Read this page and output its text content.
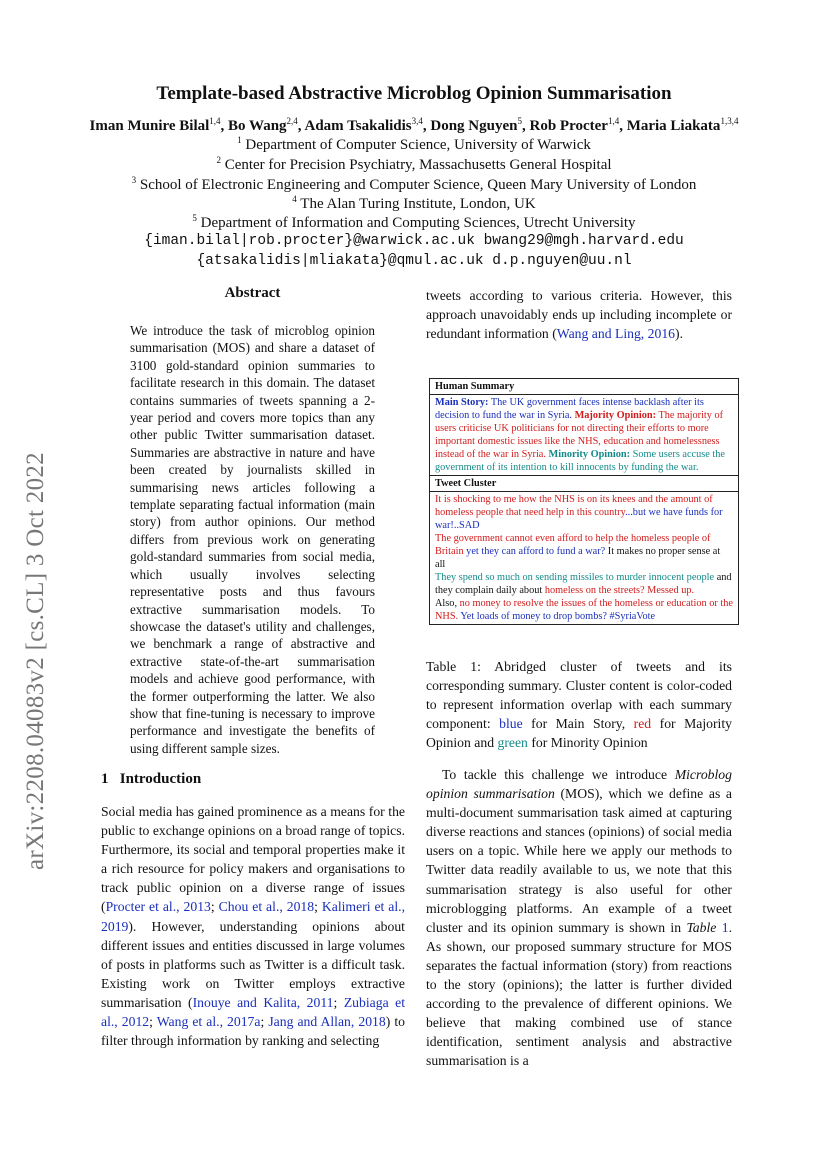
arXiv:2208.04083v2 [cs.CL] 3 Oct 2022
Template-based Abstractive Microblog Opinion Summarisation
Iman Munire Bilal$^{1,4}$, Bo Wang$^{2,4}$, Adam Tsakalidis$^{3,4}$, Dong Nguyen$^5$, Rob Procter$^{1,4}$, Maria Liakata$^{1,3,4}$
$^1$ Department of Computer Science, University of Warwick
$^2$ Center for Precision Psychiatry, Massachusetts General Hospital
$^3$ School of Electronic Engineering and Computer Science, Queen Mary University of London
$^4$ The Alan Turing Institute, London, UK
$^5$ Department of Information and Computing Sciences, Utrecht University
{iman.bilal|rob.procter}@warwick.ac.uk bwang29@mgh.harvard.edu
{atsakalidis|mliakata}@qmul.ac.uk d.p.nguyen@uu.nl
Abstract

We introduce the task of microblog opinion summarisation (MOS) and share a dataset of 3100 gold-standard opinion summaries to facilitate research in this domain. The dataset contains summaries of tweets spanning a 2-year period and covers more topics than any other public Twitter summarisation dataset. Summaries are abstractive in nature and have been created by journalists skilled in summarising news articles following a template separating factual information (main story) from author opinions. Our method differs from previous work on generating gold-standard summaries from social media, which usually involves selecting representative posts and thus favours extractive summarisation models. To showcase the dataset's utility and challenges, we benchmark a range of abstractive and extractive state-of-the-art summarisation models and achieve good performance, with the former outperforming the latter. We also show that fine-tuning is necessary to improve performance and investigate the benefits of using different sample sizes.

1 Introduction

Social media has gained prominence as a means for the public to exchange opinions on a broad range of topics. Furthermore, its social and temporal properties make it a rich resource for policy makers and organisations to track public opinion on a diverse range of issues (Procter et al., 2013; Chou et al., 2018; Kalimeri et al., 2019). However, understanding opinions about different issues and entities discussed in large volumes of posts in platforms such as Twitter is a difficult task. Existing work on Twitter employs extractive summarisation (Inouye and Kalita, 2011; Zubiaga et al., 2012; Wang et al., 2017a; Jang and Allan, 2018) to filter through information by ranking and selecting

tweets according to various criteria. However, this approach unavoidably ends up including incomplete or redundant information (Wang and Ling, 2016).

Human Summary
Main Story: The UK government faces intense backlash after its decision to fund the war in Syria. Majority Opinion: The majority of users criticise UK politicians for not directing their efforts to more important domestic issues like the NHS, education and homelessness instead of the war in Syria. Minority Opinion: Some users accuse the government of its intention to kill innocents by funding the war.
Tweet Cluster
It is shocking to me how the NHS is on its knees and the amount of homeless people that need help in this country...but we have funds for war!..SAD
The government cannot even afford to help the homeless people of Britain yet they can afford to fund a war? It makes no proper sense at all
They spend so much on sending missiles to murder innocent people and they complain daily about homeless on the streets? Messed up.
Also, no money to resolve the issues of the homeless or education or the NHS. Yet loads of money to drop bombs? #SyriaVote

Table 1: Abridged cluster of tweets and its corresponding summary. Cluster content is color-coded to represent information overlap with each summary component: blue for Main Story, red for Majority Opinion and green for Minority Opinion

To tackle this challenge we introduce Microblog opinion summarisation (MOS), which we define as a multi-document summarisation task aimed at capturing diverse reactions and stances (opinions) of social media users on a topic. While here we apply our methods to Twitter data readily available to us, we note that this summarisation strategy is also useful for other microblogging platforms. An example of a tweet cluster and its opinion summary is shown in Table 1. As shown, our proposed summary structure for MOS separates the factual information (story) from reactions to the story (opinions); the latter is further divided according to the prevalence of different opinions. We believe that making combined use of stance identification, sentiment analysis and abstractive summarisation is a
